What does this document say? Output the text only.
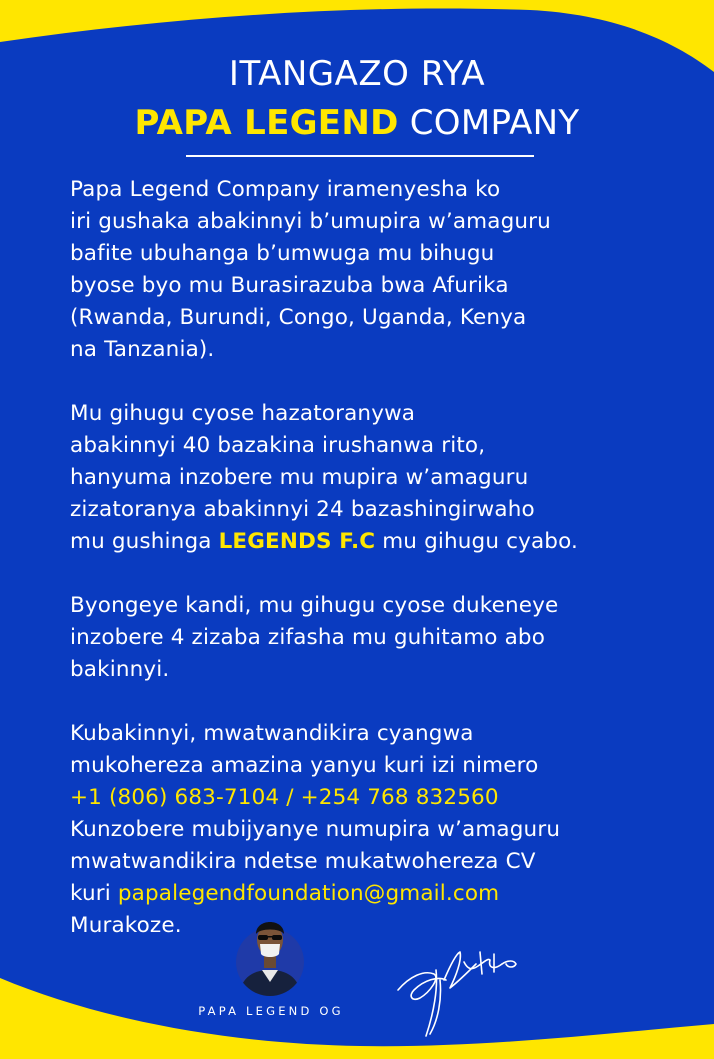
ITANGAZO RYA
PAPA LEGEND COMPANY
Papa Legend Company iramenyesha ko
iri gushaka abakinnyi b’umupira w’amaguru
bafite ubuhanga b’umwuga mu bihugu
byose byo mu Burasirazuba bwa Afurika
(Rwanda, Burundi, Congo, Uganda, Kenya
na Tanzania).
Mu gihugu cyose hazatoranywa
abakinnyi 40 bazakina irushanwa rito,
hanyuma inzobere mu mupira w’amaguru
zizatoranya abakinnyi 24 bazashingirwaho
mu gushinga LEGENDS F.C mu gihugu cyabo.
Byongeye kandi, mu gihugu cyose dukeneye
inzobere 4 zizaba zifasha mu guhitamo abo
bakinnyi.
Kubakinnyi, mwatwandikira cyangwa
mukohereza amazina yanyu kuri izi nimero
+1 (806) 683-7104 / +254 768 832560
Kunzobere mubijyanye numupira w’amaguru
mwatwandikira ndetse mukatwohereza CV
kuri papalegendfoundation@gmail.com
Murakoze.
PAPA LEGEND OG
